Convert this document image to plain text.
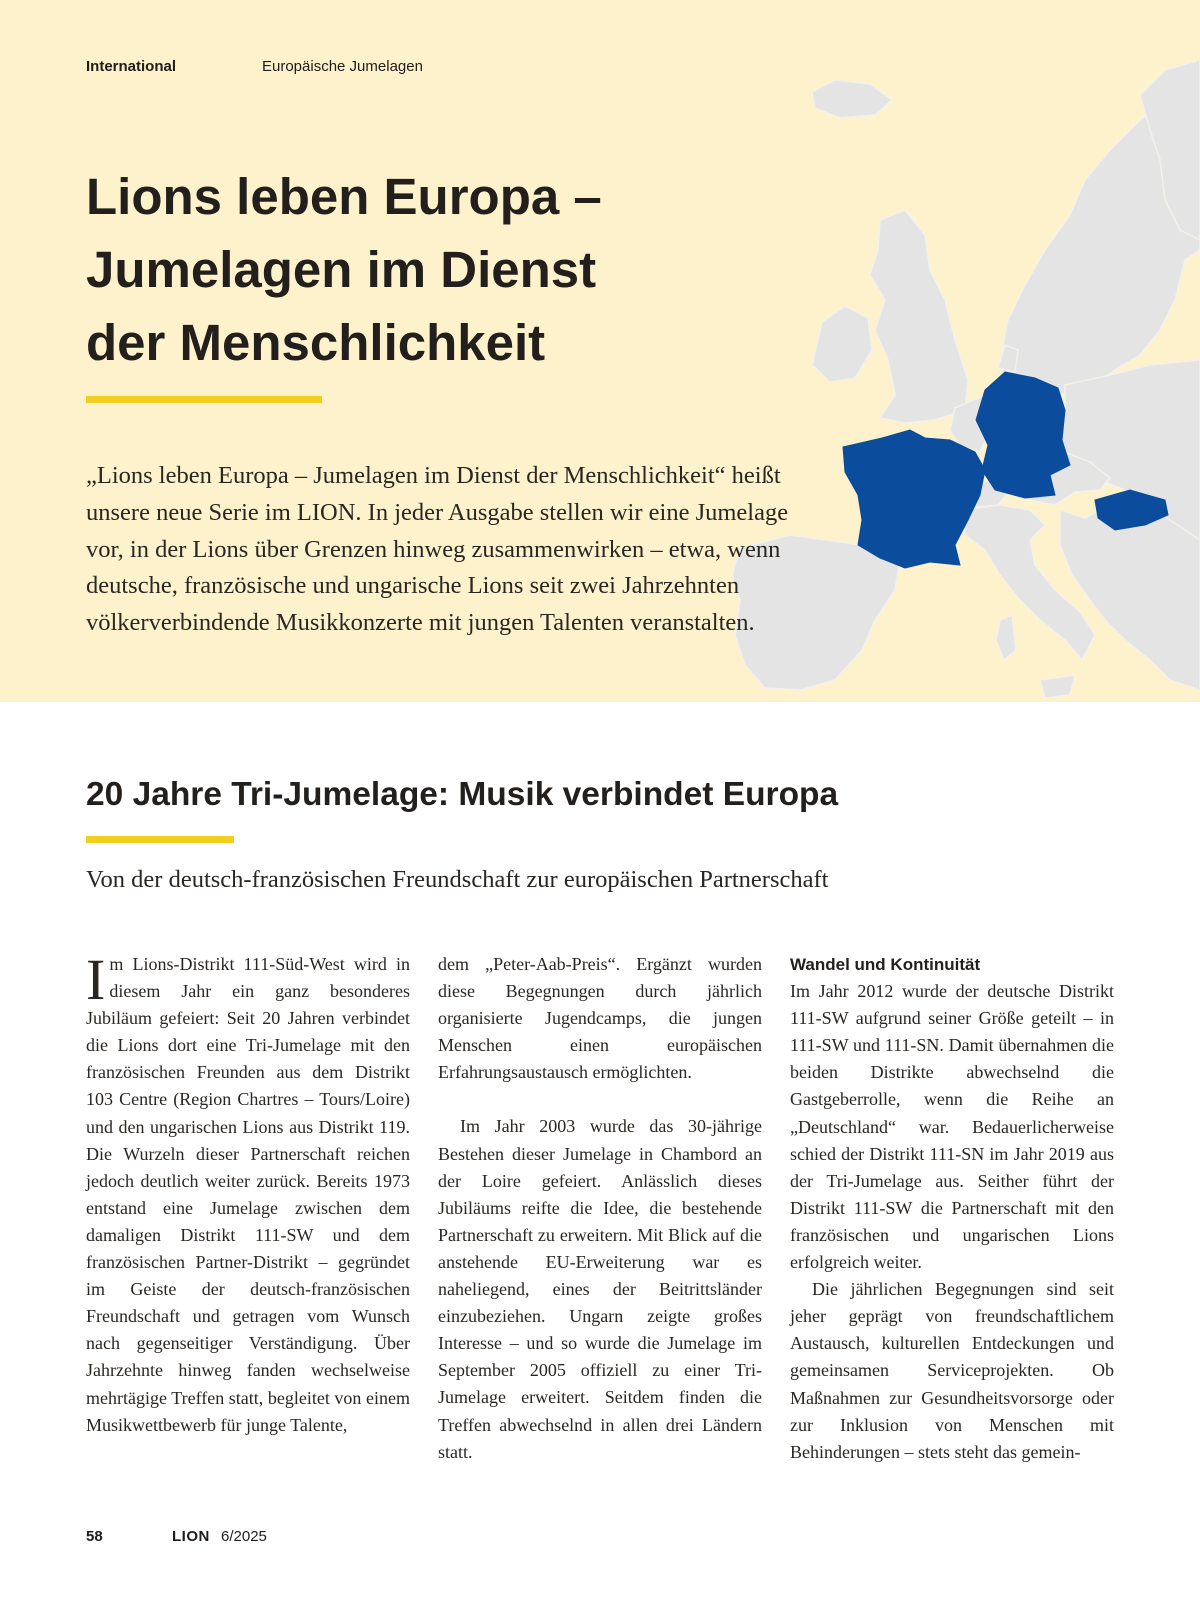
International	Europäische Jumelagen
Lions leben Europa –
Jumelagen im Dienst
der Menschlichkeit

„Lions leben Europa – Jumelagen im Dienst der Menschlichkeit“ heißt unsere neue Serie im LION. In jeder Ausgabe stellen wir eine Jumelage vor, in der Lions über Grenzen hinweg zusammenwirken – etwa, wenn deutsche, französische und ungarische Lions seit zwei Jahrzehnten völkerverbindende Musikkonzerte mit jungen Talenten veranstalten.

20 Jahre Tri-Jumelage: Musik verbindet Europa

Von der deutsch-französischen Freundschaft zur europäischen Partnerschaft

Im Lions-Distrikt 111-Süd-West wird in diesem Jahr ein ganz besonderes Jubiläum gefeiert: Seit 20 Jahren verbindet die Lions dort eine Tri-Jumelage mit den französischen Freunden aus dem Distrikt 103 Centre (Region Chartres – Tours/Loire) und den ungarischen Lions aus Distrikt 119. Die Wurzeln dieser Partnerschaft reichen jedoch deutlich weiter zurück. Bereits 1973 entstand eine Jumelage zwischen dem damaligen Distrikt 111-SW und dem französischen Partner-Distrikt – gegründet im Geiste der deutsch-französischen Freundschaft und getragen vom Wunsch nach gegenseitiger Verständigung. Über Jahrzehnte hinweg fanden wechselweise mehrtägige Treffen statt, begleitet von einem Musikwettbewerb für junge Talente,

dem „Peter-Aab-Preis“. Ergänzt wurden diese Begegnungen durch jährlich organisierte Jugendcamps, die jungen Menschen einen europäischen Erfahrungsaustausch ermöglichten.

Im Jahr 2003 wurde das 30-jährige Bestehen dieser Jumelage in Chambord an der Loire gefeiert. Anlässlich dieses Jubiläums reifte die Idee, die bestehende Partnerschaft zu erweitern. Mit Blick auf die anstehende EU-Erweiterung war es naheliegend, eines der Beitrittsländer einzubeziehen. Ungarn zeigte großes Interesse – und so wurde die Jumelage im September 2005 offiziell zu einer Tri-Jumelage erweitert. Seitdem finden die Treffen abwechselnd in allen drei Ländern statt.

Wandel und Kontinuität

Im Jahr 2012 wurde der deutsche Distrikt 111-SW aufgrund seiner Größe geteilt – in 111-SW und 111-SN. Damit übernahmen die beiden Distrikte abwechselnd die Gastgeberrolle, wenn die Reihe an „Deutschland“ war. Bedauerlicherweise schied der Distrikt 111-SN im Jahr 2019 aus der Tri-Jumelage aus. Seither führt der Distrikt 111-SW die Partnerschaft mit den französischen und ungarischen Lions erfolgreich weiter.

Die jährlichen Begegnungen sind seit jeher geprägt von freundschaftlichem Austausch, kulturellen Entdeckungen und gemeinsamen Serviceprojekten. Ob Maßnahmen zur Gesundheitsvorsorge oder zur Inklusion von Menschen mit Behinderungen – stets steht das gemein-

58	LION 6/2025
